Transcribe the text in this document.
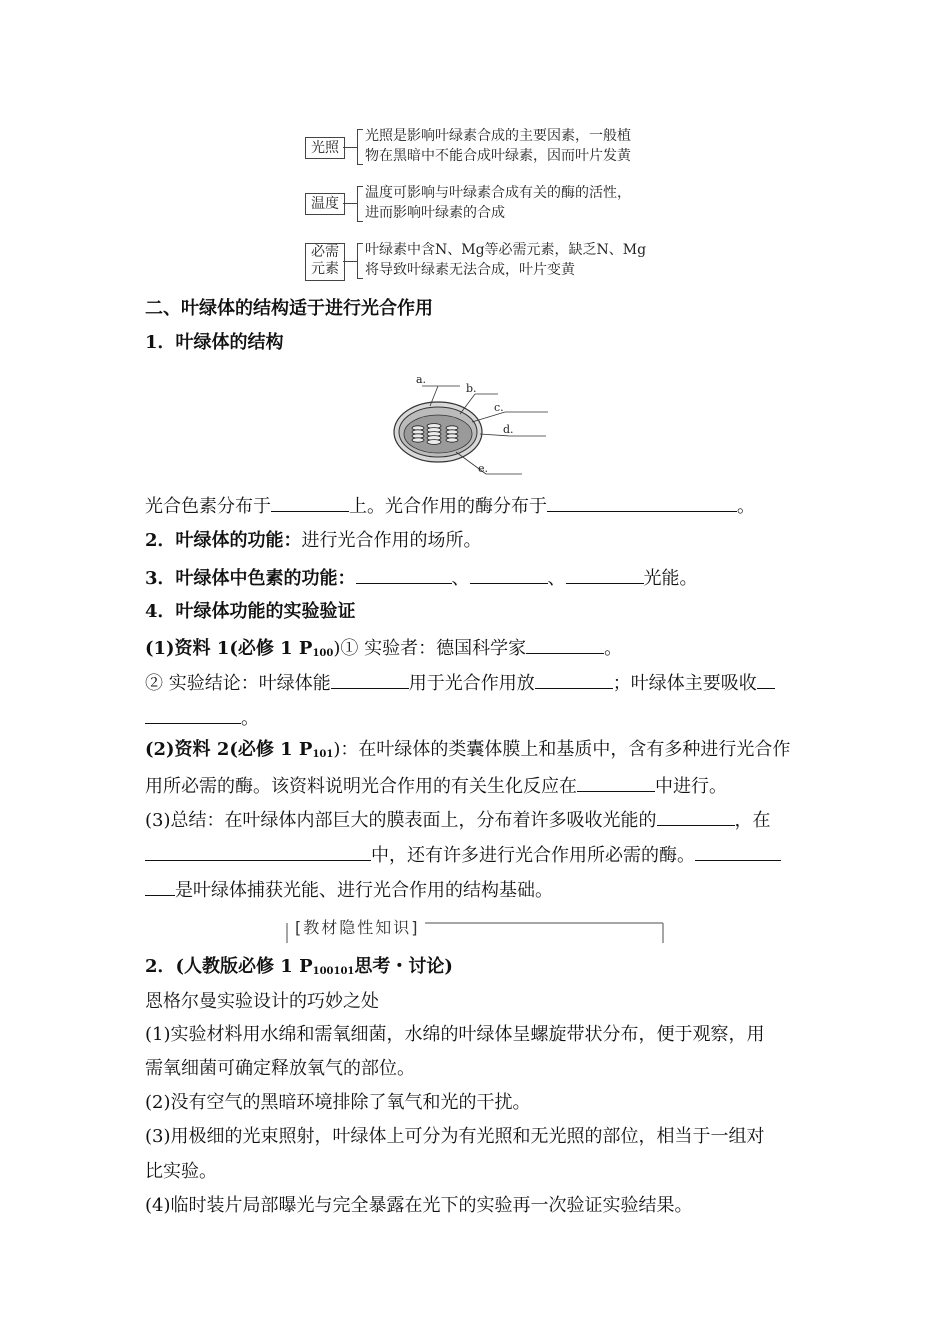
光照
光照是影响叶绿素合成的主要因素，一般植
物在黑暗中不能合成叶绿素，因而叶片发黄
温度
温度可影响与叶绿素合成有关的酶的活性，
进而影响叶绿素的合成
必需
元素
叶绿素中含N、Mg等必需元素，缺乏N、Mg
将导致叶绿素无法合成，叶片变黄
二、叶绿体的结构适于进行光合作用
1．叶绿体的结构
a.
b.
c.
d.
e.
光合色素分布于	上。光合作用的酶分布于	。
2．叶绿体的功能：进行光合作用的场所。
3．叶绿体中色素的功能：	、	、	光能。
4．叶绿体功能的实验验证
(1)资料 1(必修 1 $P_{100})①$ 实验者：德国科学家	。
② 实验结论：叶绿体能	用于光合作用放	；叶绿体主要吸收
。
(2)资料 2(必修 1 $P_{101}$)：在叶绿体的类囊体膜上和基质中，含有多种进行光合作
用所必需的酶。该资料说明光合作用的有关生化反应在	中进行。
(3)总结：在叶绿体内部巨大的膜表面上，分布着许多吸收光能的	，在
中，还有许多进行光合作用所必需的酶。
是叶绿体捕获光能、进行光合作用的结构基础。
[教材隐性知识]
2．(人教版必修 1 $P_{100101}$思考・讨论)
恩格尔曼实验设计的巧妙之处
(1)实验材料用水绵和需氧细菌，水绵的叶绿体呈螺旋带状分布，便于观察，用
需氧细菌可确定释放氧气的部位。
(2)没有空气的黑暗环境排除了氧气和光的干扰。
(3)用极细的光束照射，叶绿体上可分为有光照和无光照的部位，相当于一组对
比实验。
(4)临时装片局部曝光与完全暴露在光下的实验再一次验证实验结果。
